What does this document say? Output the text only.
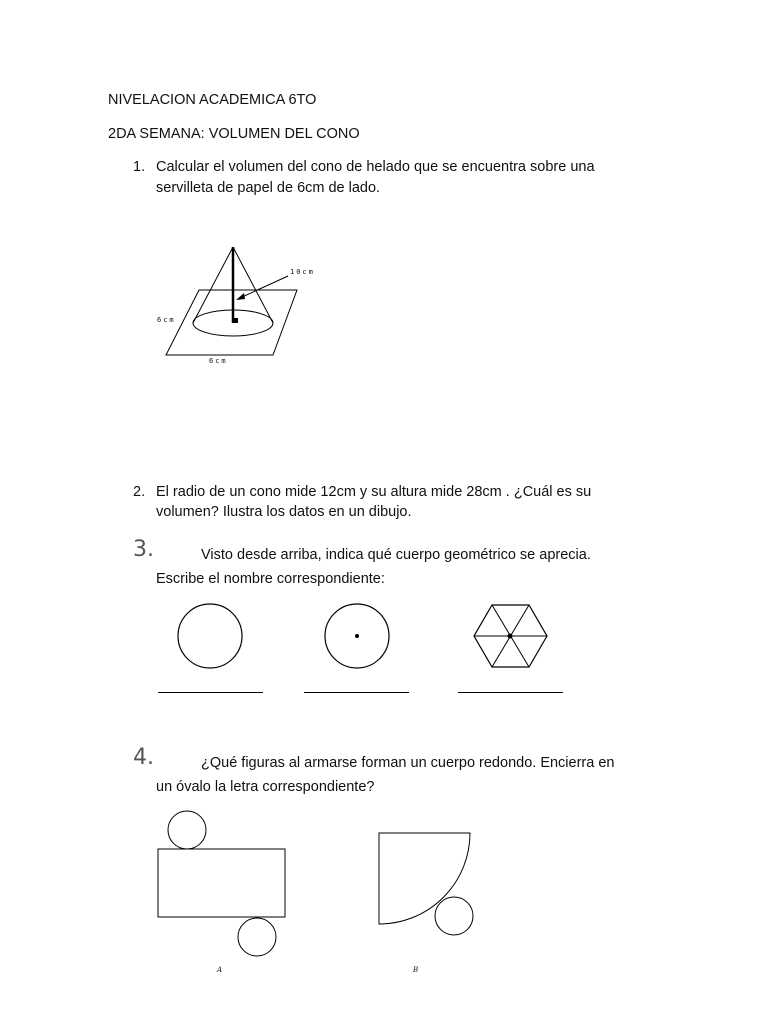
NIVELACION ACADEMICA 6TO
2DA SEMANA: VOLUMEN DEL CONO
1. Calcular el volumen del cono de helado que se encuentra sobre una
servilleta de papel de 6cm de lado.
10cm
6cm
6cm
2. El radio de un cono mide 12cm y su altura mide 28cm . ¿Cuál es su
volumen? Ilustra los datos en un dibujo.
3.	Visto desde arriba, indica qué cuerpo geométrico se aprecia.
Escribe el nombre correspondiente:
4.	¿Qué figuras al armarse forman un cuerpo redondo. Encierra en
un óvalo la letra correspondiente?
A	B
